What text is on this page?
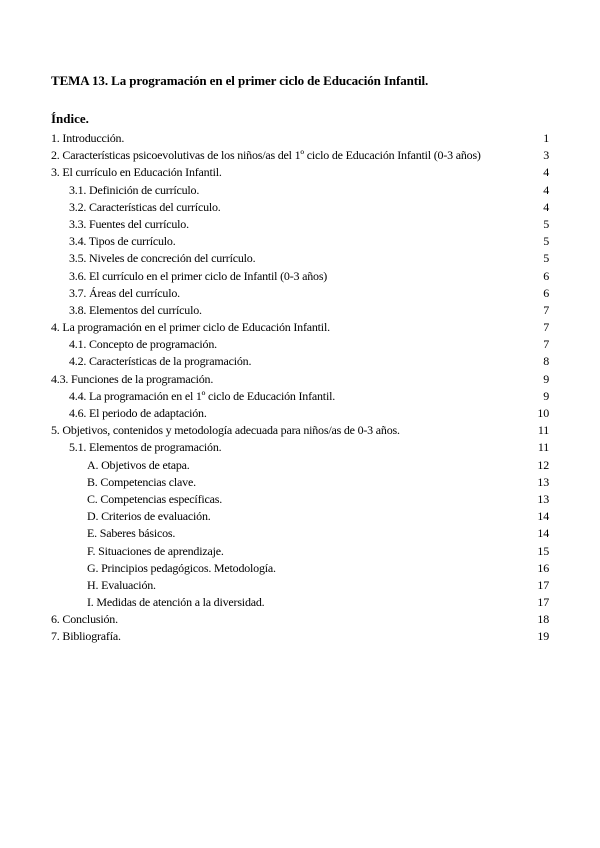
TEMA 13. La programación en el primer ciclo de Educación Infantil.
Índice.
1. Introducción.	1
2. Características psicoevolutivas de los niños/as del 1º ciclo de Educación Infantil (0-3 años)	3
3. El currículo en Educación Infantil.	4
3.1. Definición de currículo.	4
3.2. Características del currículo.	4
3.3. Fuentes del currículo.	5
3.4. Tipos de currículo.	5
3.5. Niveles de concreción del currículo.	5
3.6. El currículo en el primer ciclo de Infantil (0-3 años)	6
3.7. Áreas del currículo.	6
3.8. Elementos del currículo.	7
4. La programación en el primer ciclo de Educación Infantil.	7
4.1. Concepto de programación.	7
4.2. Características de la programación.	8
4.3. Funciones de la programación.	9
4.4. La programación en el 1º ciclo de Educación Infantil.	9
4.6. El periodo de adaptación.	10
5. Objetivos, contenidos y metodología adecuada para niños/as de 0-3 años.	11
5.1. Elementos de programación.	11
A. Objetivos de etapa.	12
B. Competencias clave.	13
C. Competencias específicas.	13
D. Criterios de evaluación.	14
E. Saberes básicos.	14
F. Situaciones de aprendizaje.	15
G. Principios pedagógicos. Metodología.	16
H. Evaluación.	17
I. Medidas de atención a la diversidad.	17
6. Conclusión.	18
7. Bibliografía.	19
